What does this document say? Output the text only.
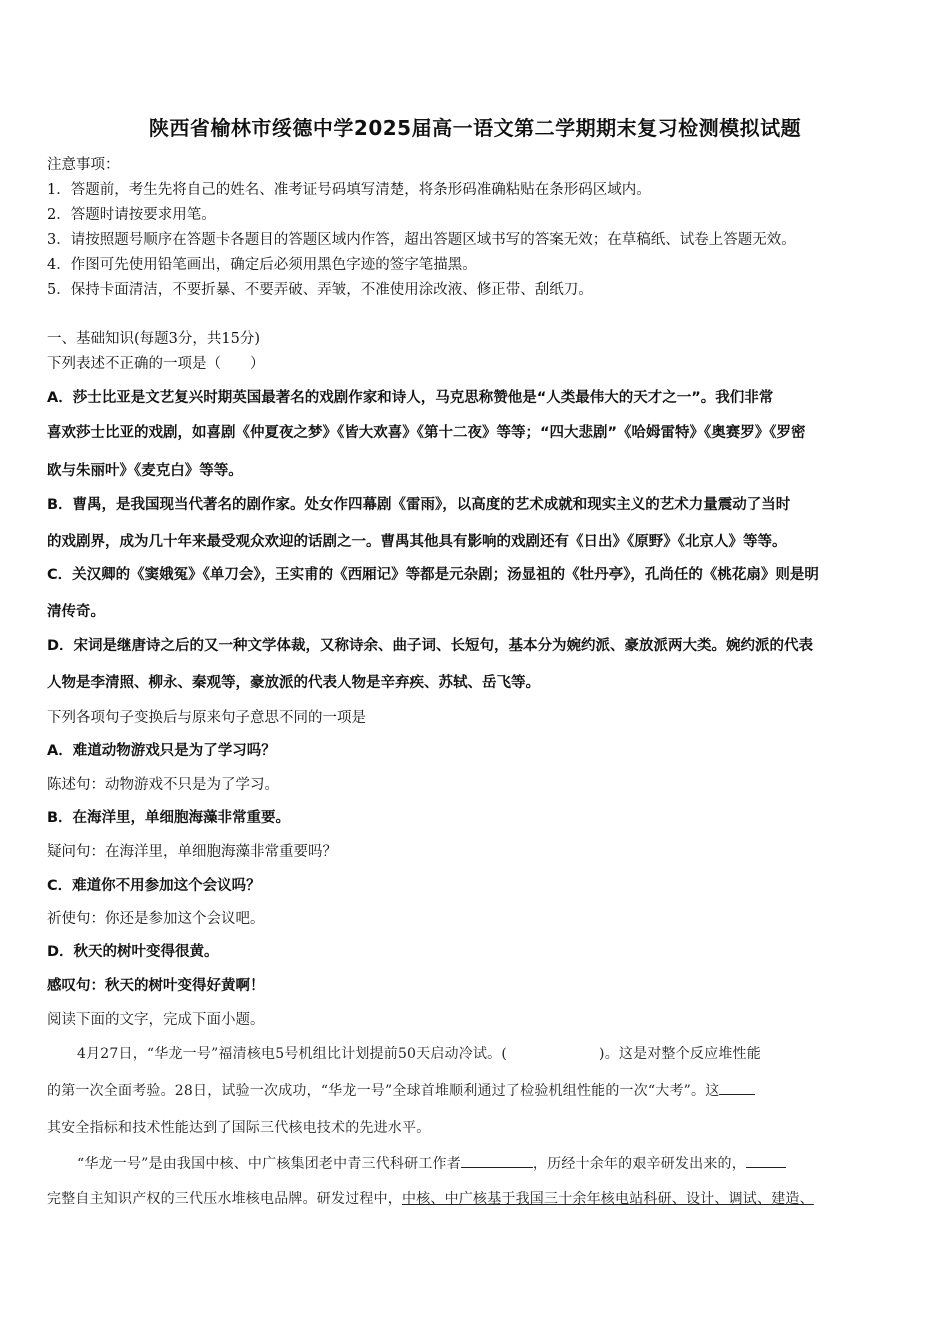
陕西省榆林市绥德中学2025届高一语文第二学期期末复习检测模拟试题
注意事项：
1．答题前，考生先将自己的姓名、准考证号码填写清楚，将条形码准确粘贴在条形码区域内。
2．答题时请按要求用笔。
3．请按照题号顺序在答题卡各题目的答题区域内作答，超出答题区域书写的答案无效；在草稿纸、试卷上答题无效。
4．作图可先使用铅笔画出，确定后必须用黑色字迹的签字笔描黑。
5．保持卡面清洁，不要折暴、不要弄破、弄皱，不准使用涂改液、修正带、刮纸刀。
一、基础知识(每题3分，共15分)
下列表述不正确的一项是（　　）
A．莎士比亚是文艺复兴时期英国最著名的戏剧作家和诗人，马克思称赞他是“人类最伟大的天才之一”。我们非常
喜欢莎士比亚的戏剧，如喜剧《仲夏夜之梦》《皆大欢喜》《第十二夜》等等；“四大悲剧”《哈姆雷特》《奥赛罗》《罗密
欧与朱丽叶》《麦克白》等等。
B．曹禺，是我国现当代著名的剧作家。处女作四幕剧《雷雨》，以高度的艺术成就和现实主义的艺术力量震动了当时
的戏剧界，成为几十年来最受观众欢迎的话剧之一。曹禺其他具有影响的戏剧还有《日出》《原野》《北京人》等等。
C．关汉卿的《窦娥冤》《单刀会》，王实甫的《西厢记》等都是元杂剧；汤显祖的《牡丹亭》，孔尚任的《桃花扇》则是明
清传奇。
D．宋词是继唐诗之后的又一种文学体裁，又称诗余、曲子词、长短句，基本分为婉约派、豪放派两大类。婉约派的代表
人物是李清照、柳永、秦观等，豪放派的代表人物是辛弃疾、苏轼、岳飞等。
下列各项句子变换后与原来句子意思不同的一项是
A．难道动物游戏只是为了学习吗？
陈述句：动物游戏不只是为了学习。
B．在海洋里，单细胞海藻非常重要。
疑问句：在海洋里，单细胞海藻非常重要吗？
C．难道你不用参加这个会议吗？
祈使句：你还是参加这个会议吧。
D．秋天的树叶变得很黄。
感叹句：秋天的树叶变得好黄啊！
阅读下面的文字，完成下面小题。
4月27日，“华龙一号”福清核电5号机组比计划提前50天启动冷试。(	)。这是对整个反应堆性能
的第一次全面考验。28日，试验一次成功，“华龙一号”全球首堆顺利通过了检验机组性能的一次“大考”。这
其安全指标和技术性能达到了国际三代核电技术的先进水平。
“华龙一号”是由我国中核、中广核集团老中青三代科研工作者	，历经十余年的艰辛研发出来的，
完整自主知识产权的三代压水堆核电品牌。研发过程中，中核、中广核基于我国三十余年核电站科研、设计、调试、建造、
